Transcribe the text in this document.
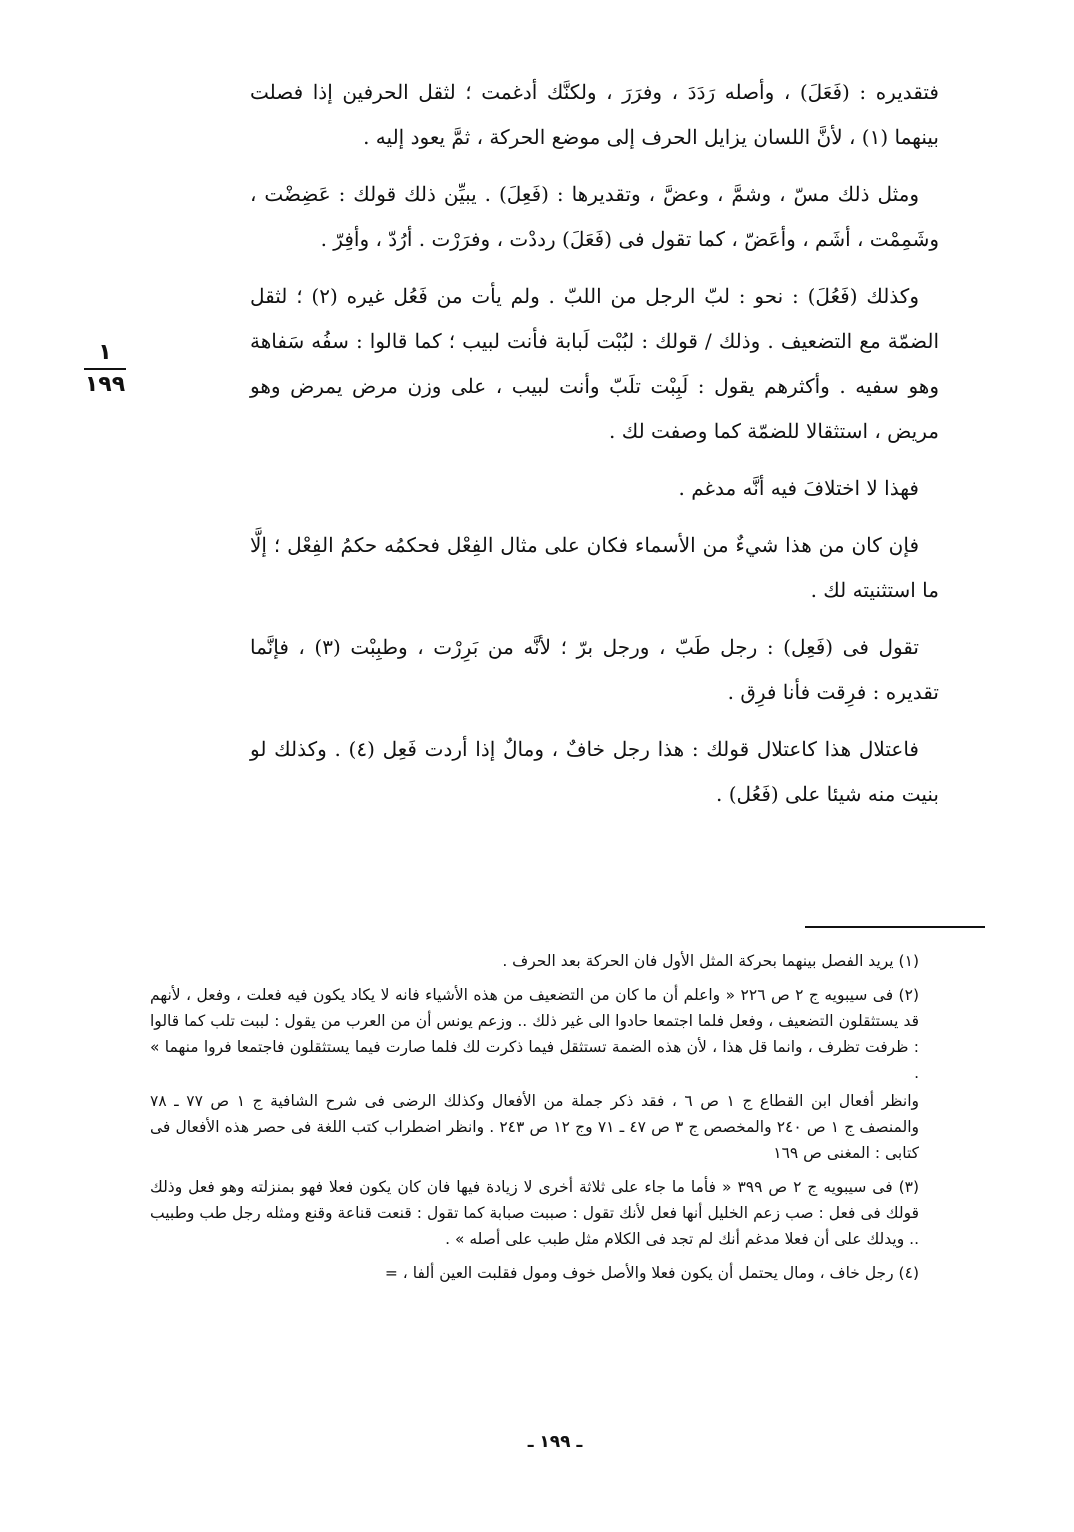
فتقديره : (فَعَلَ) ، وأصله رَدَدَ ، وفرَرَ ، ولكنَّك أدغمت ؛ لثقل الحرفين إذا فصلت بينهما (١) ، لأنَّ اللسان يزايل الحرف إلى موضع الحركة ، ثمَّ يعود إليه .

ومثل ذلك مسّ ، وشمَّ ، وعضَّ ، وتقديرها : (فَعِلَ) . يبيِّن ذلك قولك : عَضِضْت ، وشَمِمْت ، أشَم ، وأعَضّ ، كما تقول فى (فَعَلَ) رددْت ، وفرَرْت . أرُدّ ، وأفِرّ .

وكذلك (فَعُلَ) : نحو : لبّ الرجل من اللبّ . ولم يأت من فَعُل غيره (٢) ؛ لثقل الضمّة مع التضعيف . وذلك / قولك : لبُبْت لَبابة فأنت لبيب ؛ كما قالوا : سفُه سَفاهة وهو سفيه . وأكثرهم يقول : لَبِبْت تلَبّ وأنت لبيب ، على وزن مرض يمرض وهو مريض ، استثقالا للضمّة كما وصفت لك .

فهذا لا اختلافَ فيه أنَّه مدغم .

فإن كان من هذا شيءٌ من الأسماء فكان على مثال الفِعْل فحكمُه حكمُ الفِعْل ؛ إلَّا ما استثنيته لك .

تقول فى (فَعِل) : رجل طَبّ ، ورجل برّ ؛ لأنَّه من بَرِرْت ، وطبِبْت (٣) ، فإنَّما تقديره : فرِقت فأنا فرِق .

فاعتلال هذا كاعتلال قولك : هذا رجل خافٌ ، ومالٌ إذا أردت فَعِل (٤) . وكذلك لو بنيت منه شيئا على (فَعُل) .

١
١٩٩

(١) يريد الفصل بينهما بحركة المثل الأول فان الحركة بعد الحرف .

(٢) فى سيبويه ج ٢ ص ٢٢٦ « واعلم أن ما كان من التضعيف من هذه الأشياء فانه لا يكاد يكون فيه فعلت ، وفعل ، لأنهم قد يستثقلون التضعيف ، وفعل فلما اجتمعا حادوا الى غير ذلك .. وزعم يونس أن من العرب من يقول : لببت تلب كما قالوا : ظرفت تظرف ، وانما قل هذا ، لأن هذه الضمة تستثقل فيما ذكرت لك فلما صارت فيما يستثقلون فاجتمعا فروا منهما » .

وانظر أفعال ابن القطاع ج ١ ص ٦ ، فقد ذكر جملة من الأفعال وكذلك الرضى فى شرح الشافية ج ١ ص ٧٧ ـ ٧٨ والمنصف ج ١ ص ٢٤٠ والمخصص ج ٣ ص ٤٧ ـ ٧١ وج ١٢ ص ٢٤٣ . وانظر اضطراب كتب اللغة فى حصر هذه الأفعال فى كتابى : المغنى ص ١٦٩

(٣) فى سيبويه ج ٢ ص ٣٩٩ « فأما ما جاء على ثلاثة أخرى لا زيادة فيها فان كان يكون فعلا فهو بمنزلته وهو فعل وذلك قولك فى فعل : صب زعم الخليل أنها فعل لأنك تقول : صببت صبابة كما تقول : قنعت قناعة وقنع ومثله رجل طب وطبيب .. ويدلك على أن فعلا مدغم أنك لم تجد فى الكلام مثل طبب على أصله » .

(٤) رجل خاف ، ومال يحتمل أن يكون فعلا والأصل خوف ومول فقلبت العين ألفا ، =

ـ ١٩٩ ـ
